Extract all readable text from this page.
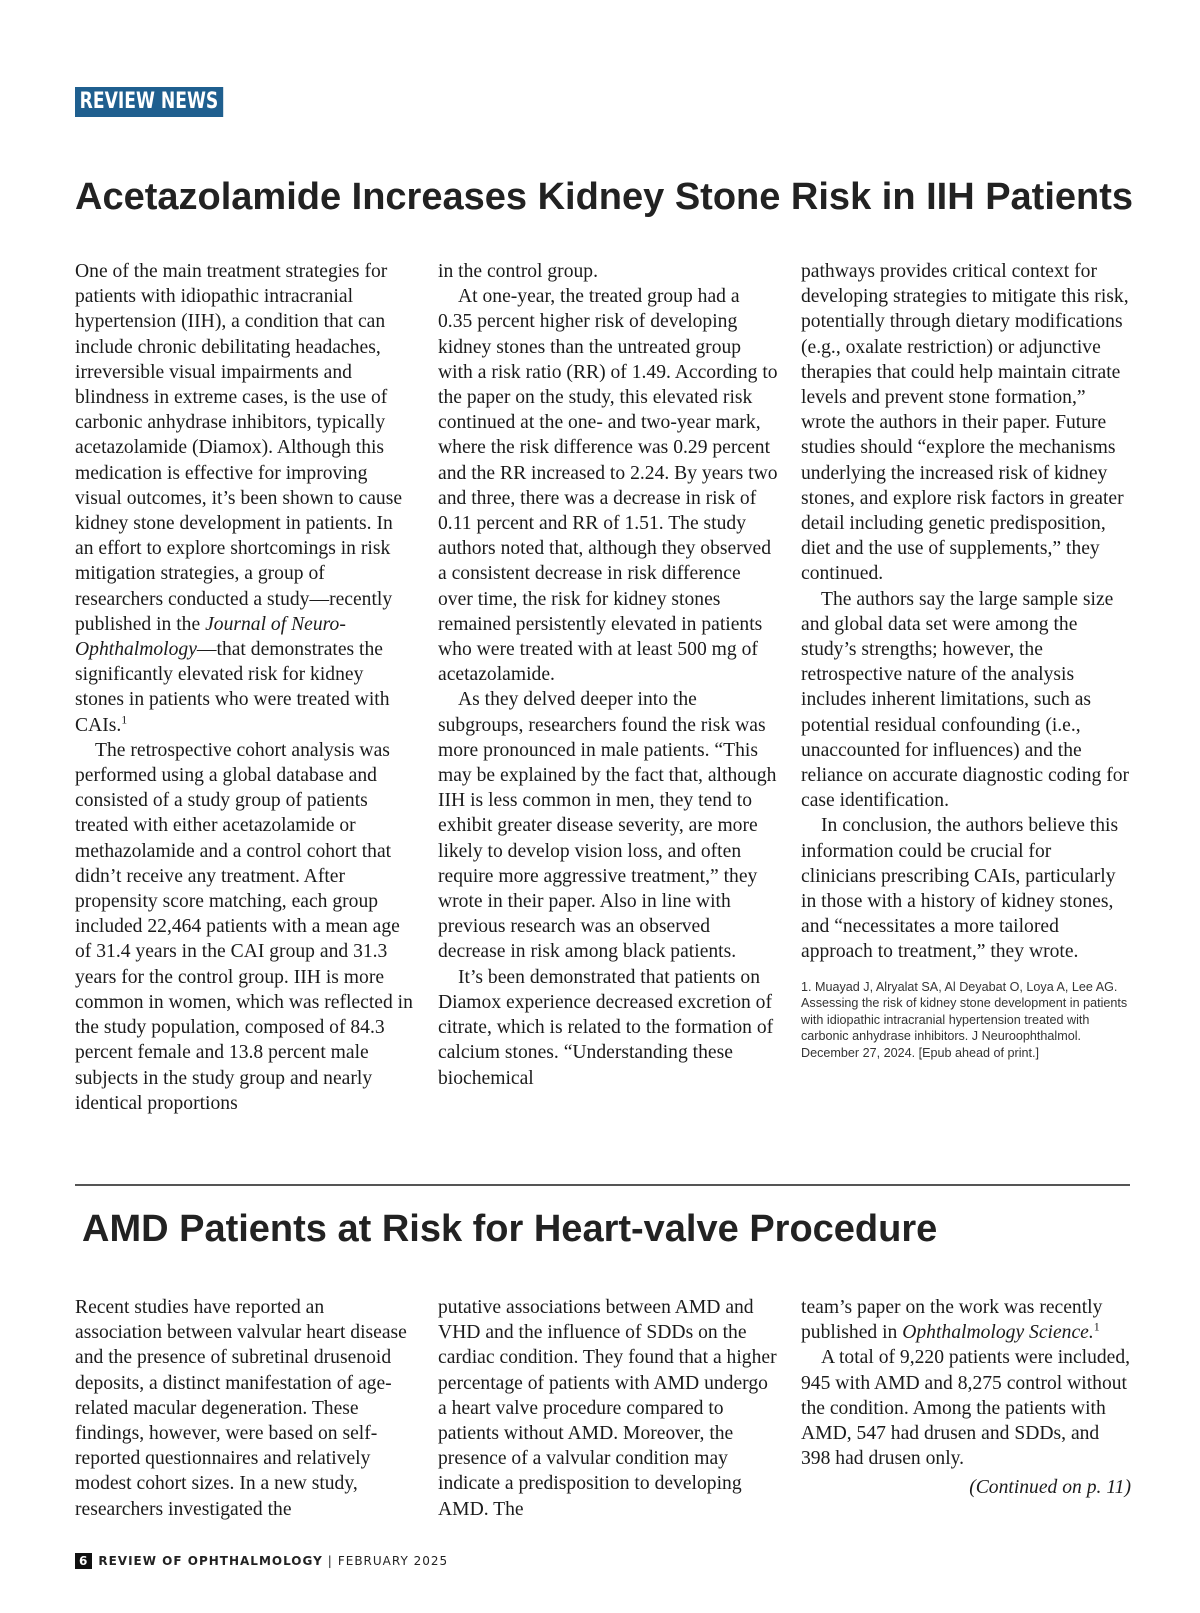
REVIEW NEWS
Acetazolamide Increases Kidney Stone Risk in IIH Patients

One of the main treatment strategies for patients with idiopathic intracranial hypertension (IIH), a condition that can include chronic debilitating headaches, irreversible visual impairments and blindness in extreme cases, is the use of carbonic anhydrase inhibitors, typically acetazolamide (Diamox). Although this medication is effective for improving visual outcomes, it’s been shown to cause kidney stone development in patients. In an effort to explore shortcomings in risk mitigation strategies, a group of researchers conducted a study—recently published in the Journal of Neuro-Ophthalmology—that demonstrates the significantly elevated risk for kidney stones in patients who were treated with CAIs.$^1$

The retrospective cohort analysis was performed using a global database and consisted of a study group of patients treated with either acetazolamide or methazolamide and a control cohort that didn’t receive any treatment. After propensity score matching, each group included 22,464 patients with a mean age of 31.4 years in the CAI group and 31.3 years for the control group. IIH is more common in women, which was reflected in the study population, composed of 84.3 percent female and 13.8 percent male subjects in the study group and nearly identical proportions

in the control group.

At one-year, the treated group had a 0.35 percent higher risk of developing kidney stones than the untreated group with a risk ratio (RR) of 1.49. According to the paper on the study, this elevated risk continued at the one- and two-year mark, where the risk difference was 0.29 percent and the RR increased to 2.24. By years two and three, there was a decrease in risk of 0.11 percent and RR of 1.51. The study authors noted that, although they observed a consistent decrease in risk difference over time, the risk for kidney stones remained persistently elevated in patients who were treated with at least 500 mg of acetazolamide.

As they delved deeper into the subgroups, researchers found the risk was more pronounced in male patients. “This may be explained by the fact that, although IIH is less common in men, they tend to exhibit greater disease severity, are more likely to develop vision loss, and often require more aggressive treatment,” they wrote in their paper. Also in line with previous research was an observed decrease in risk among black patients.

It’s been demonstrated that patients on Diamox experience decreased excretion of citrate, which is related to the formation of calcium stones. “Understanding these biochemical

pathways provides critical context for developing strategies to mitigate this risk, potentially through dietary modifications (e.g., oxalate restriction) or adjunctive therapies that could help maintain citrate levels and prevent stone formation,” wrote the authors in their paper. Future studies should “explore the mechanisms underlying the increased risk of kidney stones, and explore risk factors in greater detail including genetic predisposition, diet and the use of supplements,” they continued.

The authors say the large sample size and global data set were among the study’s strengths; however, the retrospective nature of the analysis includes inherent limitations, such as potential residual confounding (i.e., unaccounted for influences) and the reliance on accurate diagnostic coding for case identification.

In conclusion, the authors believe this information could be crucial for clinicians prescribing CAIs, particularly in those with a history of kidney stones, and “necessitates a more tailored approach to treatment,” they wrote.

1. Muayad J, Alryalat SA, Al Deyabat O, Loya A, Lee AG. Assessing the risk of kidney stone development in patients with idiopathic intracranial hypertension treated with carbonic anhydrase inhibitors. J Neuroophthalmol. December 27, 2024. [Epub ahead of print.]

AMD Patients at Risk for Heart-valve Procedure

Recent studies have reported an association between valvular heart disease and the presence of subretinal drusenoid deposits, a distinct manifestation of age-related macular degeneration. These findings, however, were based on self-reported questionnaires and relatively modest cohort sizes. In a new study, researchers investigated the

putative associations between AMD and VHD and the influence of SDDs on the cardiac condition. They found that a higher percentage of patients with AMD undergo a heart valve procedure compared to patients without AMD. Moreover, the presence of a valvular condition may indicate a predisposition to developing AMD. The

team’s paper on the work was recently published in Ophthalmology Science.$^1$

A total of 9,220 patients were included, 945 with AMD and 8,275 control without the condition. Among the patients with AMD, 547 had drusen and SDDs, and 398 had drusen only.

(Continued on p. 11)

6 REVIEW OF OPHTHALMOLOGY | FEBRUARY 2025
